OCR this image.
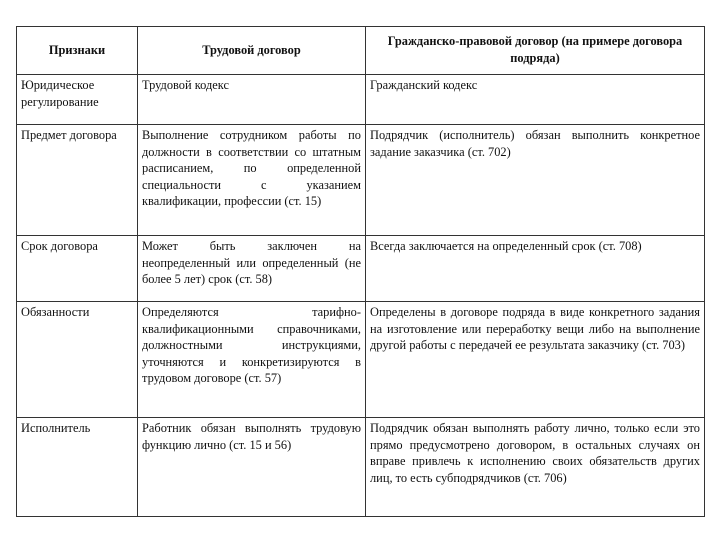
Признаки	Трудовой договор	Гражданско-правовой договор (на примере договора подряда)
Юридическое регулирование	Трудовой кодекс	Гражданский кодекс
Предмет договора	Выполнение сотрудником работы по должности в соответствии со штатным расписанием, по определенной специальности с указанием квалификации, профессии (ст. 15)	Подрядчик (исполнитель) обязан выполнить конкретное задание заказчика (ст. 702)
Срок договора	Может быть заключен на неопределенный или определенный (не более 5 лет) срок (ст. 58)	Всегда заключается на определенный срок (ст. 708)
Обязанности	Определяются тарифно-квалификационными справочниками, должностными инструкциями, уточняются и конкретизируются в трудовом договоре (ст. 57)	Определены в договоре подряда в виде конкретного задания на изготовление или переработку вещи либо на выполнение другой работы с передачей ее результата заказчику (ст. 703)
Исполнитель	Работник обязан выполнять трудовую функцию лично (ст. 15 и 56)	Подрядчик обязан выполнять работу лично, только если это прямо предусмотрено договором, в остальных случаях он вправе привлечь к исполнению своих обязательств других лиц, то есть субподрядчиков (ст. 706)
